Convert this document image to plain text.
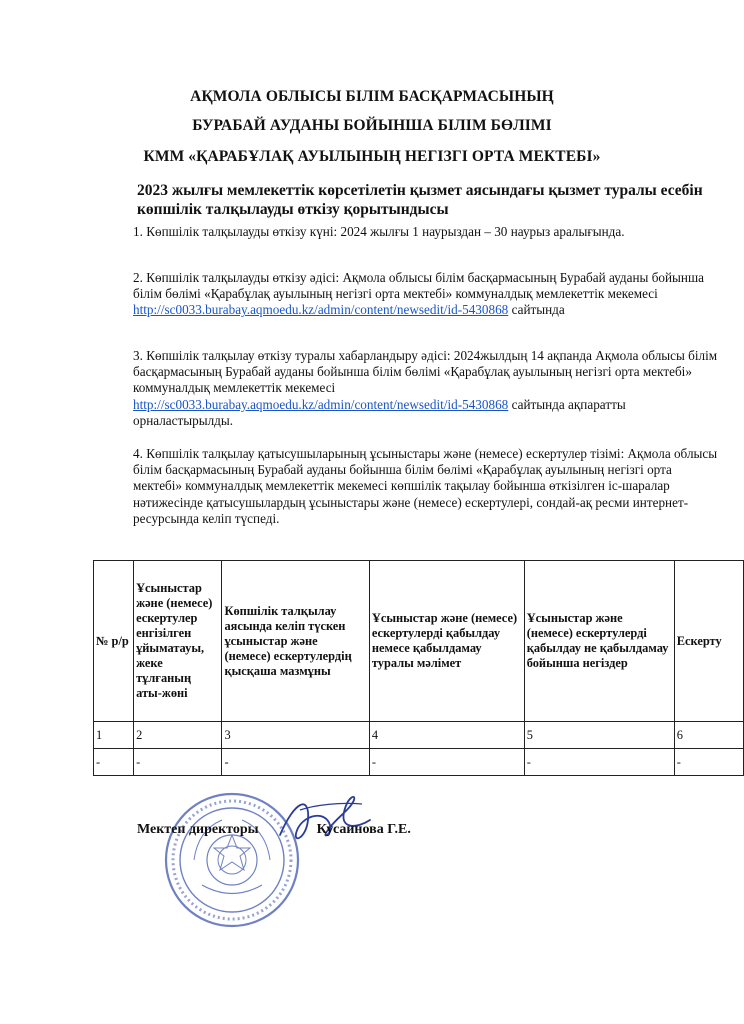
АҚМОЛА ОБЛЫСЫ БІЛІМ БАСҚАРМАСЫНЫҢ
БУРАБАЙ АУДАНЫ БОЙЫНША БІЛІМ БӨЛІМІ
КММ «ҚАРАБҰЛАҚ АУЫЛЫНЫҢ НЕГІЗГІ ОРТА МЕКТЕБІ»
2023 жылғы мемлекеттік көрсетілетін қызмет аясындағы қызмет туралы есебін көпшілік талқылауды өткізу қорытындысы
1. Көпшілік талқылауды өткізу күні: 2024 жылғы 1 наурыздан – 30 наурыз аралығында.
2. Көпшілік талқылауды өткізу әдісі: Ақмола облысы білім басқармасының Бурабай ауданы бойынша білім бөлімі «Қарабұлақ ауылының негізгі орта мектебі» коммуналдық мемлекеттік мекемесі
http://sc0033.burabay.aqmoedu.kz/admin/content/newsedit/id-5430868 сайтында
3. Көпшілік талқылау өткізу туралы хабарландыру әдісі: 2024жылдың 14 ақпанда Ақмола облысы білім басқармасының Бурабай ауданы бойынша білім бөлімі «Қарабұлақ ауылының негізгі орта мектебі» коммуналдық мемлекеттік мекемесі
http://sc0033.burabay.aqmoedu.kz/admin/content/newsedit/id-5430868 сайтында ақпаратты орналастырылды.
4. Көпшілік талқылау қатысушыларының ұсыныстары және (немесе) ескертулер тізімі: Ақмола облысы білім басқармасының Бурабай ауданы бойынша білім бөлімі «Қарабұлақ ауылының негізгі орта мектебі» коммуналдық мемлекеттік мекемесі көпшілік тақылау бойынша өткізілген іс-шаралар нәтижесінде қатысушылардың ұсыныстары және (немесе) ескертулері, сондай-ақ ресми интернет-ресурсында келіп түспеді.
№ р/р	Ұсыныстар және (немесе) ескертулер енгізілген ұйыматауы, жеке тұлғаның аты-жөні	Көпшілік талқылау аясында келіп түскен ұсыныстар және (немесе) ескертулердің қысқаша мазмұны	Ұсыныстар және (немесе) ескертулерді қабылдау немесе қабылдамау туралы мәлімет	Ұсыныстар және (немесе) ескертулерді қабылдау не қабылдамау бойынша негіздер	Ескерту
1	2	3	4	5	6
-	-	-	-	-	-
Мектеп директоры	Кусаинова Г.Е.
